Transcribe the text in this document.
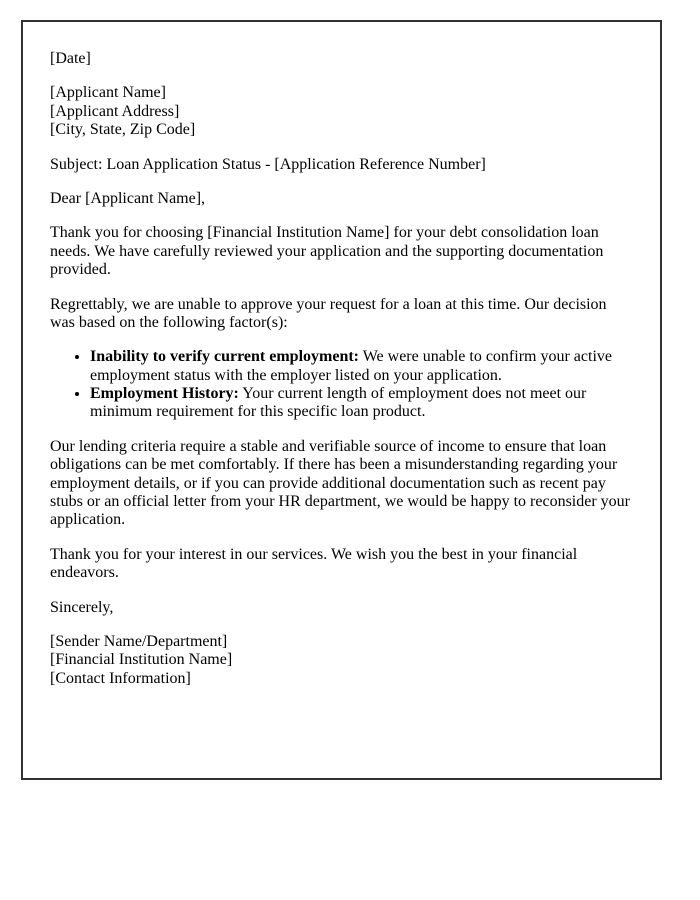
[Date]

[Applicant Name]
[Applicant Address]
[City, State, Zip Code]

Subject: Loan Application Status - [Application Reference Number]

Dear [Applicant Name],

Thank you for choosing [Financial Institution Name] for your debt consolidation loan needs. We have carefully reviewed your application and the supporting documentation provided.

Regrettably, we are unable to approve your request for a loan at this time. Our decision was based on the following factor(s):

• Inability to verify current employment: We were unable to confirm your active employment status with the employer listed on your application.
• Employment History: Your current length of employment does not meet our minimum requirement for this specific loan product.

Our lending criteria require a stable and verifiable source of income to ensure that loan obligations can be met comfortably. If there has been a misunderstanding regarding your employment details, or if you can provide additional documentation such as recent pay stubs or an official letter from your HR department, we would be happy to reconsider your application.

Thank you for your interest in our services. We wish you the best in your financial endeavors.

Sincerely,

[Sender Name/Department]
[Financial Institution Name]
[Contact Information]
